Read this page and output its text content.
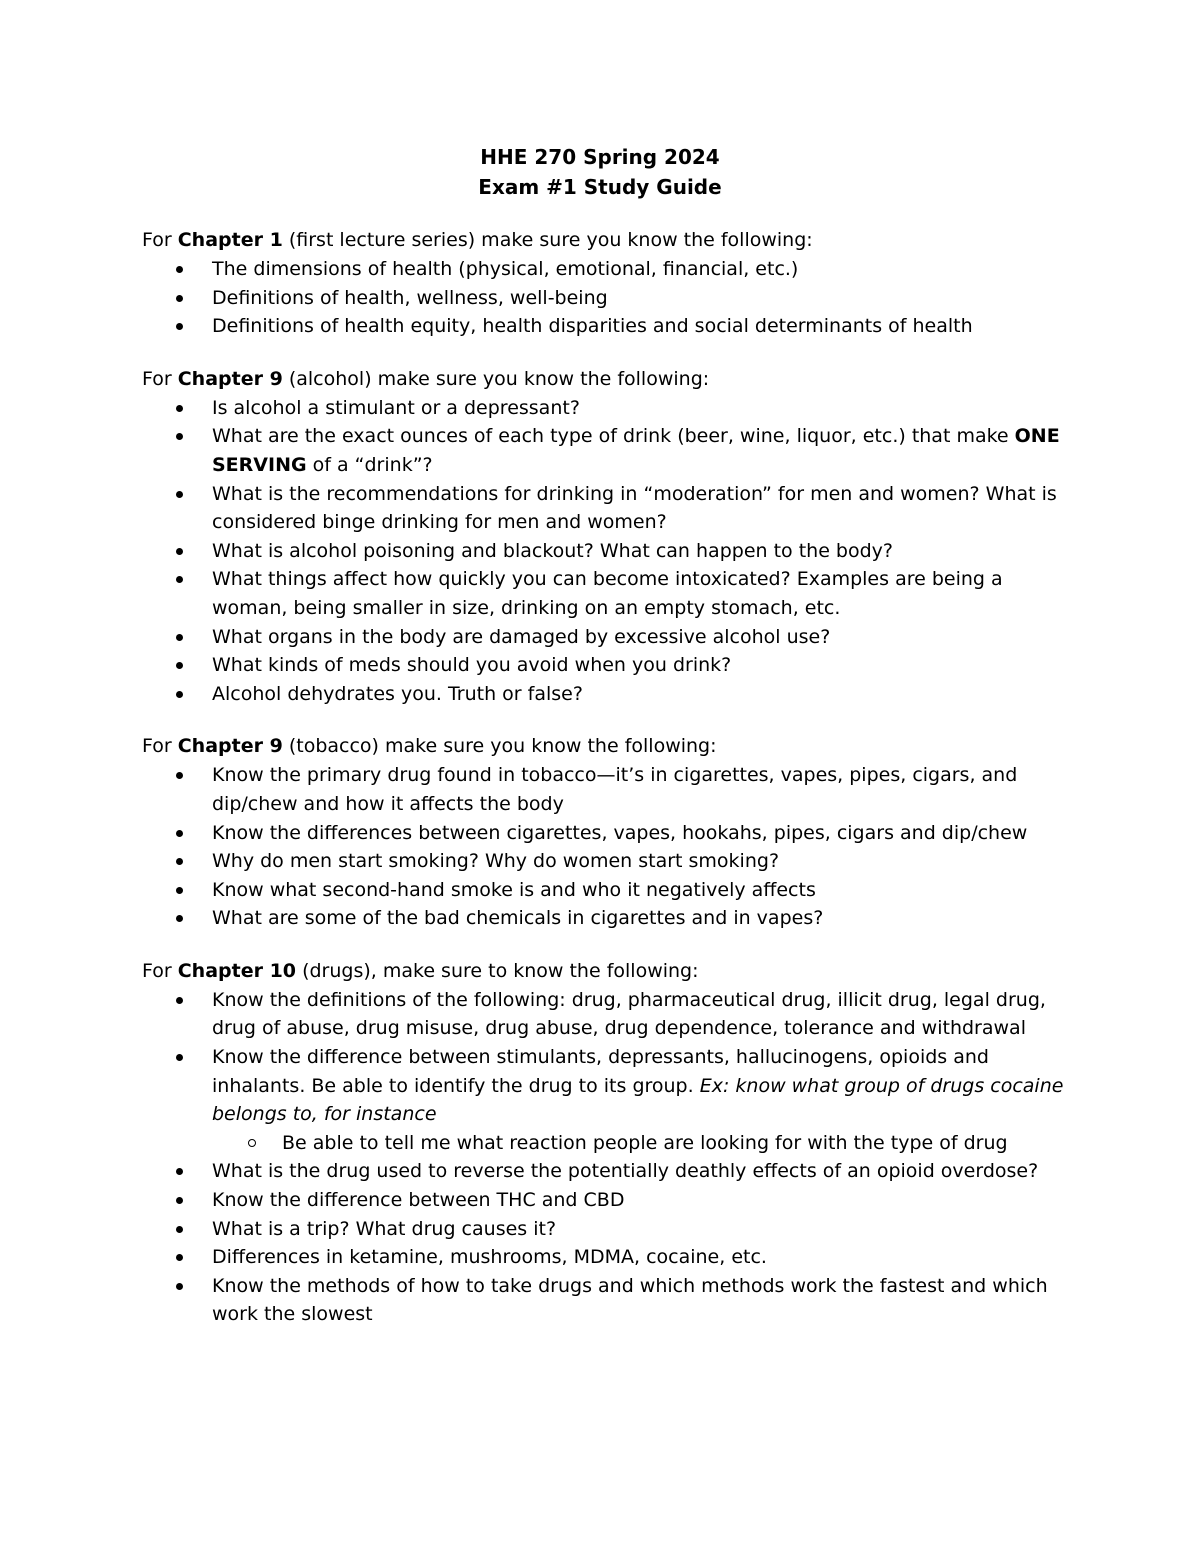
HHE 270 Spring 2024
Exam #1 Study Guide
For Chapter 1 (first lecture series) make sure you know the following:
The dimensions of health (physical, emotional, financial, etc.)
Definitions of health, wellness, well-being
Definitions of health equity, health disparities and social determinants of health
For Chapter 9 (alcohol) make sure you know the following:
Is alcohol a stimulant or a depressant?
What are the exact ounces of each type of drink (beer, wine, liquor, etc.) that make ONE SERVING of a “drink”?
What is the recommendations for drinking in “moderation” for men and women? What is considered binge drinking for men and women?
What is alcohol poisoning and blackout? What can happen to the body?
What things affect how quickly you can become intoxicated? Examples are being a woman, being smaller in size, drinking on an empty stomach, etc.
What organs in the body are damaged by excessive alcohol use?
What kinds of meds should you avoid when you drink?
Alcohol dehydrates you. Truth or false?
For Chapter 9 (tobacco) make sure you know the following:
Know the primary drug found in tobacco—it’s in cigarettes, vapes, pipes, cigars, and dip/chew and how it affects the body
Know the differences between cigarettes, vapes, hookahs, pipes, cigars and dip/chew
Why do men start smoking? Why do women start smoking?
Know what second-hand smoke is and who it negatively affects
What are some of the bad chemicals in cigarettes and in vapes?
For Chapter 10 (drugs), make sure to know the following:
Know the definitions of the following: drug, pharmaceutical drug, illicit drug, legal drug, drug of abuse, drug misuse, drug abuse, drug dependence, tolerance and withdrawal
Know the difference between stimulants, depressants, hallucinogens, opioids and inhalants. Be able to identify the drug to its group. Ex: know what group of drugs cocaine belongs to, for instance
Be able to tell me what reaction people are looking for with the type of drug
What is the drug used to reverse the potentially deathly effects of an opioid overdose?
Know the difference between THC and CBD
What is a trip? What drug causes it?
Differences in ketamine, mushrooms, MDMA, cocaine, etc.
Know the methods of how to take drugs and which methods work the fastest and which work the slowest
